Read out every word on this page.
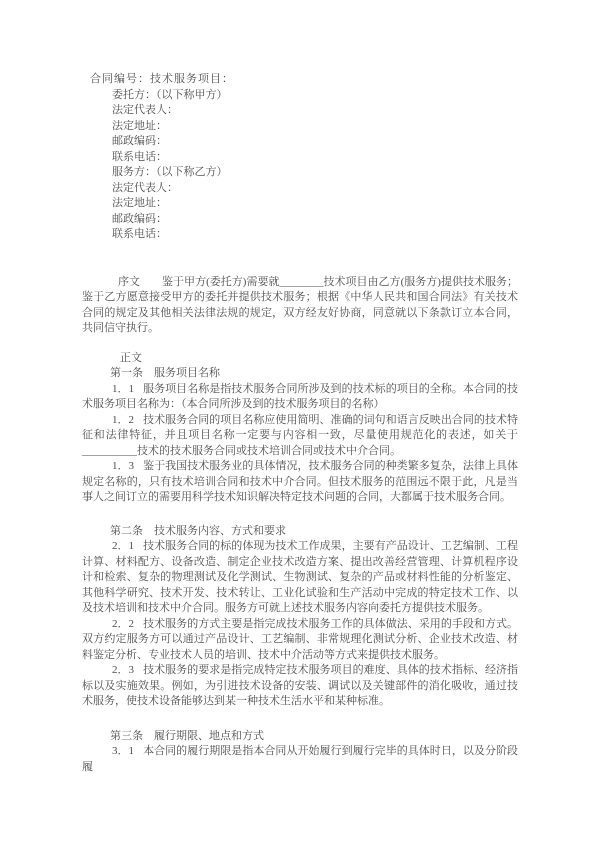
合同编号：技术服务项目：

委托方：（以下称甲方）

法定代表人：

法定地址：

邮政编码：

联系电话：

服务方：（以下称乙方）

法定代表人：

法定地址：

邮政编码：

联系电话：

序文 鉴于甲方(委托方)需要就________技术项目由乙方(服务方)提供技术服务；鉴于乙方愿意接受甲方的委托并提供技术服务；根据《中华人民共和国合同法》有关技术合同的规定及其他相关法律法规的规定，双方经友好协商，同意就以下条款订立本合同，共同信守执行。

正文

第一条　服务项目名称

1．1 服务项目名称是指技术服务合同所涉及到的技术标的项目的全称。本合同的技术服务项目名称为：（本合同所涉及到的技术服务项目的名称）

1．2 技术服务合同的项目名称应使用简明、准确的词句和语言反映出合同的技术特征和法律特征，并且项目名称一定要与内容相一致，尽量使用规范化的表述，如关于__________技术的技术服务合同或技术培训合同或技术中介合同。

1．3 鉴于我国技术服务业的具体情况，技术服务合同的种类繁多复杂，法律上具体规定名称的，只有技术培训合同和技术中介合同。但技术服务的范围远不限于此，凡是当事人之间订立的需要用科学技术知识解决特定技术问题的合同，大都属于技术服务合同。

第二条　技术服务内容、方式和要求

2．1 技术服务合同的标的体现为技术工作成果，主要有产品设计、工艺编制、工程计算、材料配方、设备改造、制定企业技术改造方案、提出改善经营管理、计算机程序设计和检索、复杂的物理测试及化学测试、生物测试、复杂的产品或材料性能的分析鉴定、其他科学研究、技术开发、技术转让、工业化试验和生产活动中完成的特定技术工作、以及技术培训和技术中介合同。服务方可就上述技术服务内容向委托方提供技术服务。

2．2 技术服务的方式主要是指完成技术服务工作的具体做法、采用的手段和方式。双方约定服务方可以通过产品设计、工艺编制、非常规理化测试分析、企业技术改造、材料鉴定分析、专业技术人员的培训、技术中介活动等方式来提供技术服务。

2．3 技术服务的要求是指完成特定技术服务项目的难度、具体的技术指标、经济指标以及实施效果。例如，为引进技术设备的安装、调试以及关键部件的消化吸收，通过技术服务，使技术设备能够达到某一种技术生活水平和某种标准。

第三条　履行期限、地点和方式

3．1 本合同的履行期限是指本合同从开始履行到履行完毕的具体时日，以及分阶段履
